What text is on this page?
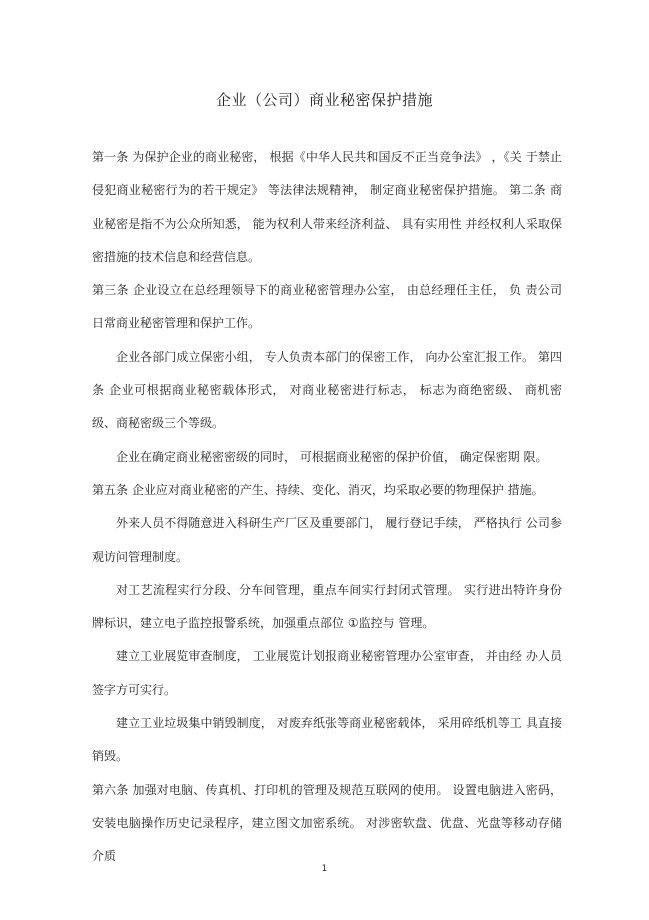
企业（公司）商业秘密保护措施

第一条 为保护企业的商业秘密， 根据《中华人民共和国反不正当竞争法》 ，《关 于禁止侵犯商业秘密行为的若干规定》 等法律法规精神， 制定商业秘密保护措施。 第二条 商业秘密是指不为公众所知悉， 能为权利人带来经济利益、 具有实用性 并经权利人采取保密措施的技术信息和经营信息。

第三条 企业设立在总经理领导下的商业秘密管理办公室， 由总经理任主任， 负 责公司日常商业秘密管理和保护工作。

企业各部门成立保密小组， 专人负责本部门的保密工作， 向办公室汇报工作。 第四条 企业可根据商业秘密载体形式， 对商业秘密进行标志， 标志为商绝密级、 商机密级、商秘密级三个等级。

企业在确定商业秘密密级的同时， 可根据商业秘密的保护价值， 确定保密期 限。

第五条 企业应对商业秘密的产生、持续、变化、消灭，均采取必要的物理保护 措施。

外来人员不得随意进入科研生产厂区及重要部门， 履行登记手续， 严格执行 公司参观访问管理制度。

对工艺流程实行分段、分车间管理，重点车间实行封闭式管理。 实行进出特许身份牌标识，建立电子监控报警系统，加强重点部位 ①监控与 管理。

建立工业展览审查制度， 工业展览计划报商业秘密管理办公室审查， 并由经 办人员签字方可实行。

建立工业垃圾集中销毁制度， 对废弃纸张等商业秘密载体， 采用碎纸机等工 具直接销毁。

第六条 加强对电脑、传真机、打印机的管理及规范互联网的使用。 设置电脑进入密码，安装电脑操作历史记录程序，建立图文加密系统。 对涉密软盘、优盘、光盘等移动存储介质

1
